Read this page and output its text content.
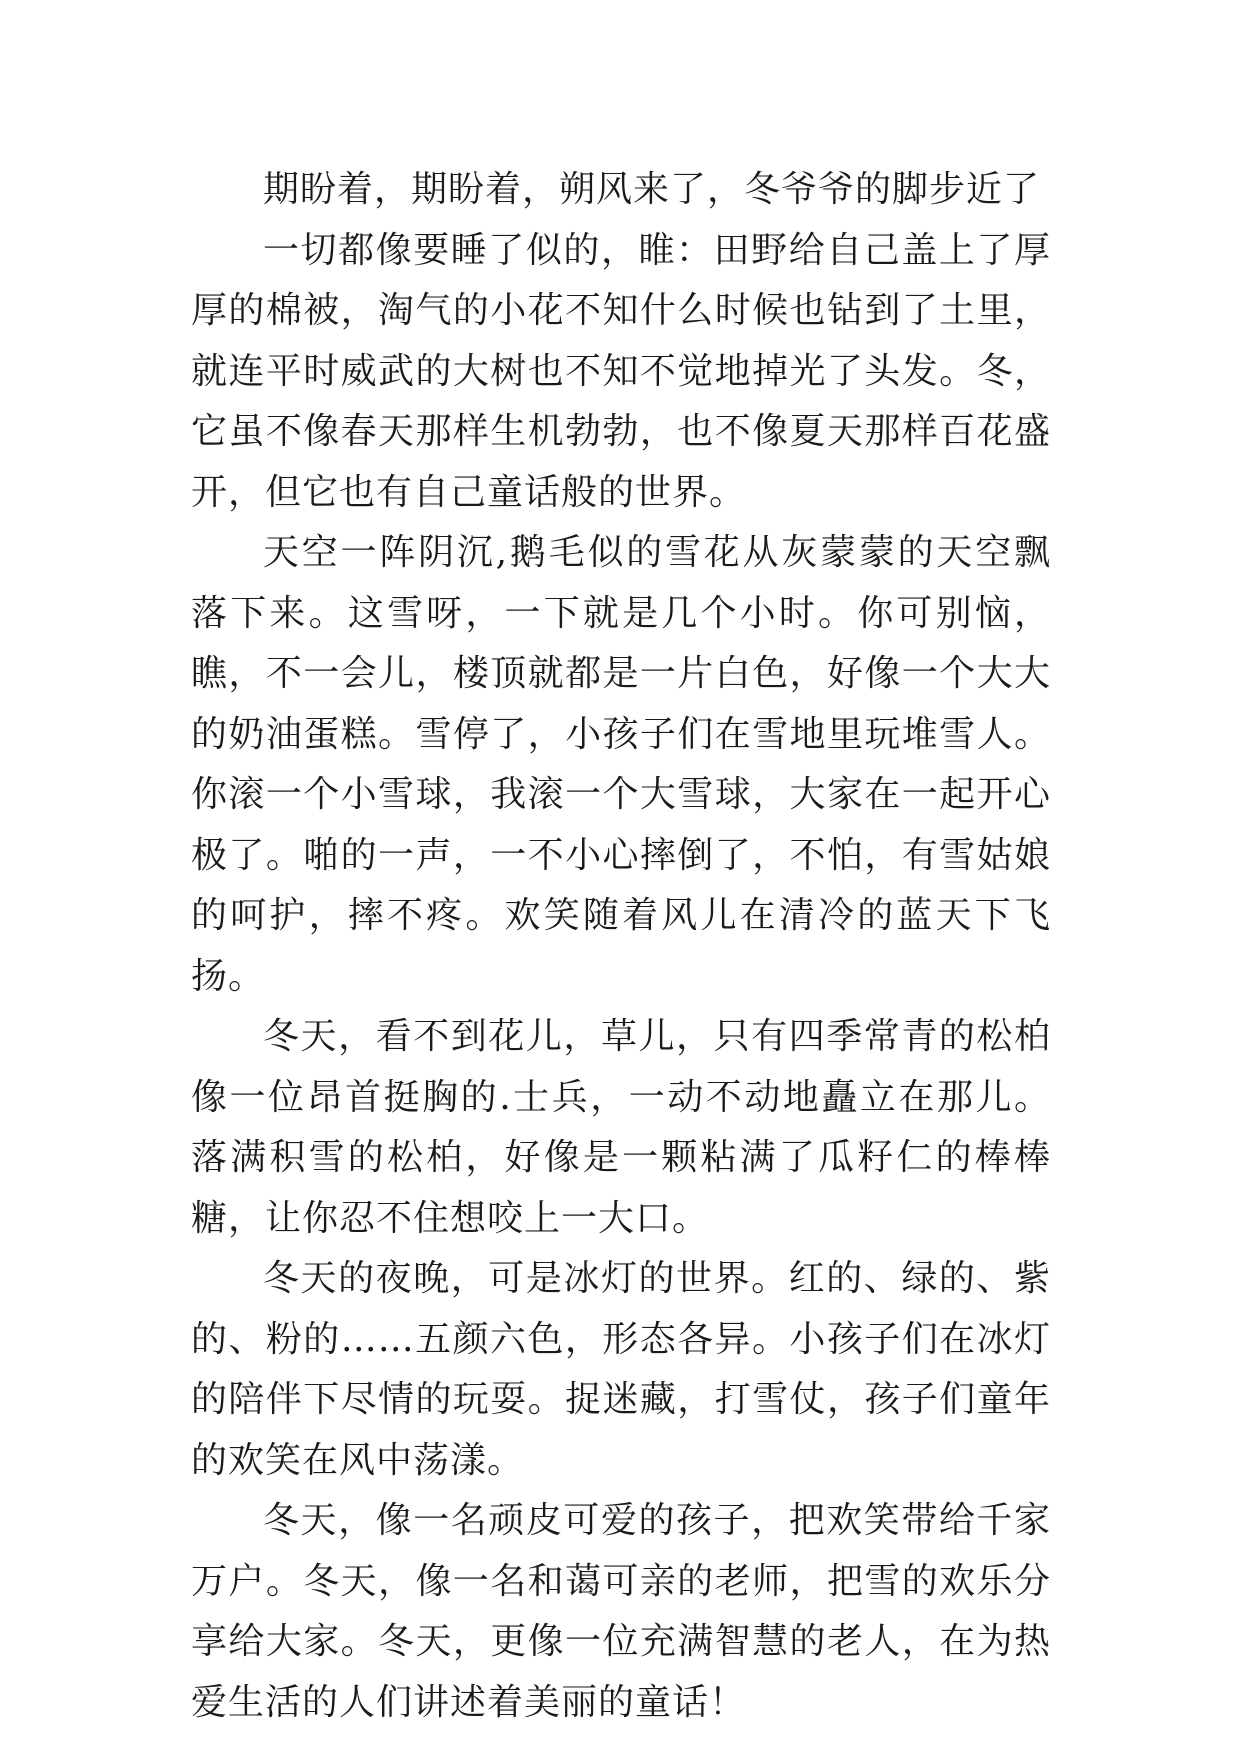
期盼着，期盼着，朔风来了，冬爷爷的脚步近了

一切都像要睡了似的，睢：田野给自己盖上了厚厚的棉被，淘气的小花不知什么时候也钻到了土里，就连平时威武的大树也不知不觉地掉光了头发。冬，它虽不像春天那样生机勃勃，也不像夏天那样百花盛开，但它也有自己童话般的世界。

天空一阵阴沉,鹅毛似的雪花从灰蒙蒙的天空飘落下来。这雪呀，一下就是几个小时。你可别恼，瞧，不一会儿，楼顶就都是一片白色，好像一个大大的奶油蛋糕。雪停了，小孩子们在雪地里玩堆雪人。你滚一个小雪球，我滚一个大雪球，大家在一起开心极了。啪的一声，一不小心摔倒了，不怕，有雪姑娘的呵护，摔不疼。欢笑随着风儿在清冷的蓝天下飞扬。

冬天，看不到花儿，草儿，只有四季常青的松柏像一位昂首挺胸的.士兵，一动不动地矗立在那儿。落满积雪的松柏，好像是一颗粘满了瓜籽仁的棒棒糖，让你忍不住想咬上一大口。

冬天的夜晚，可是冰灯的世界。红的、绿的、紫的、粉的……五颜六色，形态各异。小孩子们在冰灯的陪伴下尽情的玩耍。捉迷藏，打雪仗，孩子们童年的欢笑在风中荡漾。

冬天，像一名顽皮可爱的孩子，把欢笑带给千家万户。冬天，像一名和蔼可亲的老师，把雪的欢乐分享给大家。冬天，更像一位充满智慧的老人，在为热爱生活的人们讲述着美丽的童话！
